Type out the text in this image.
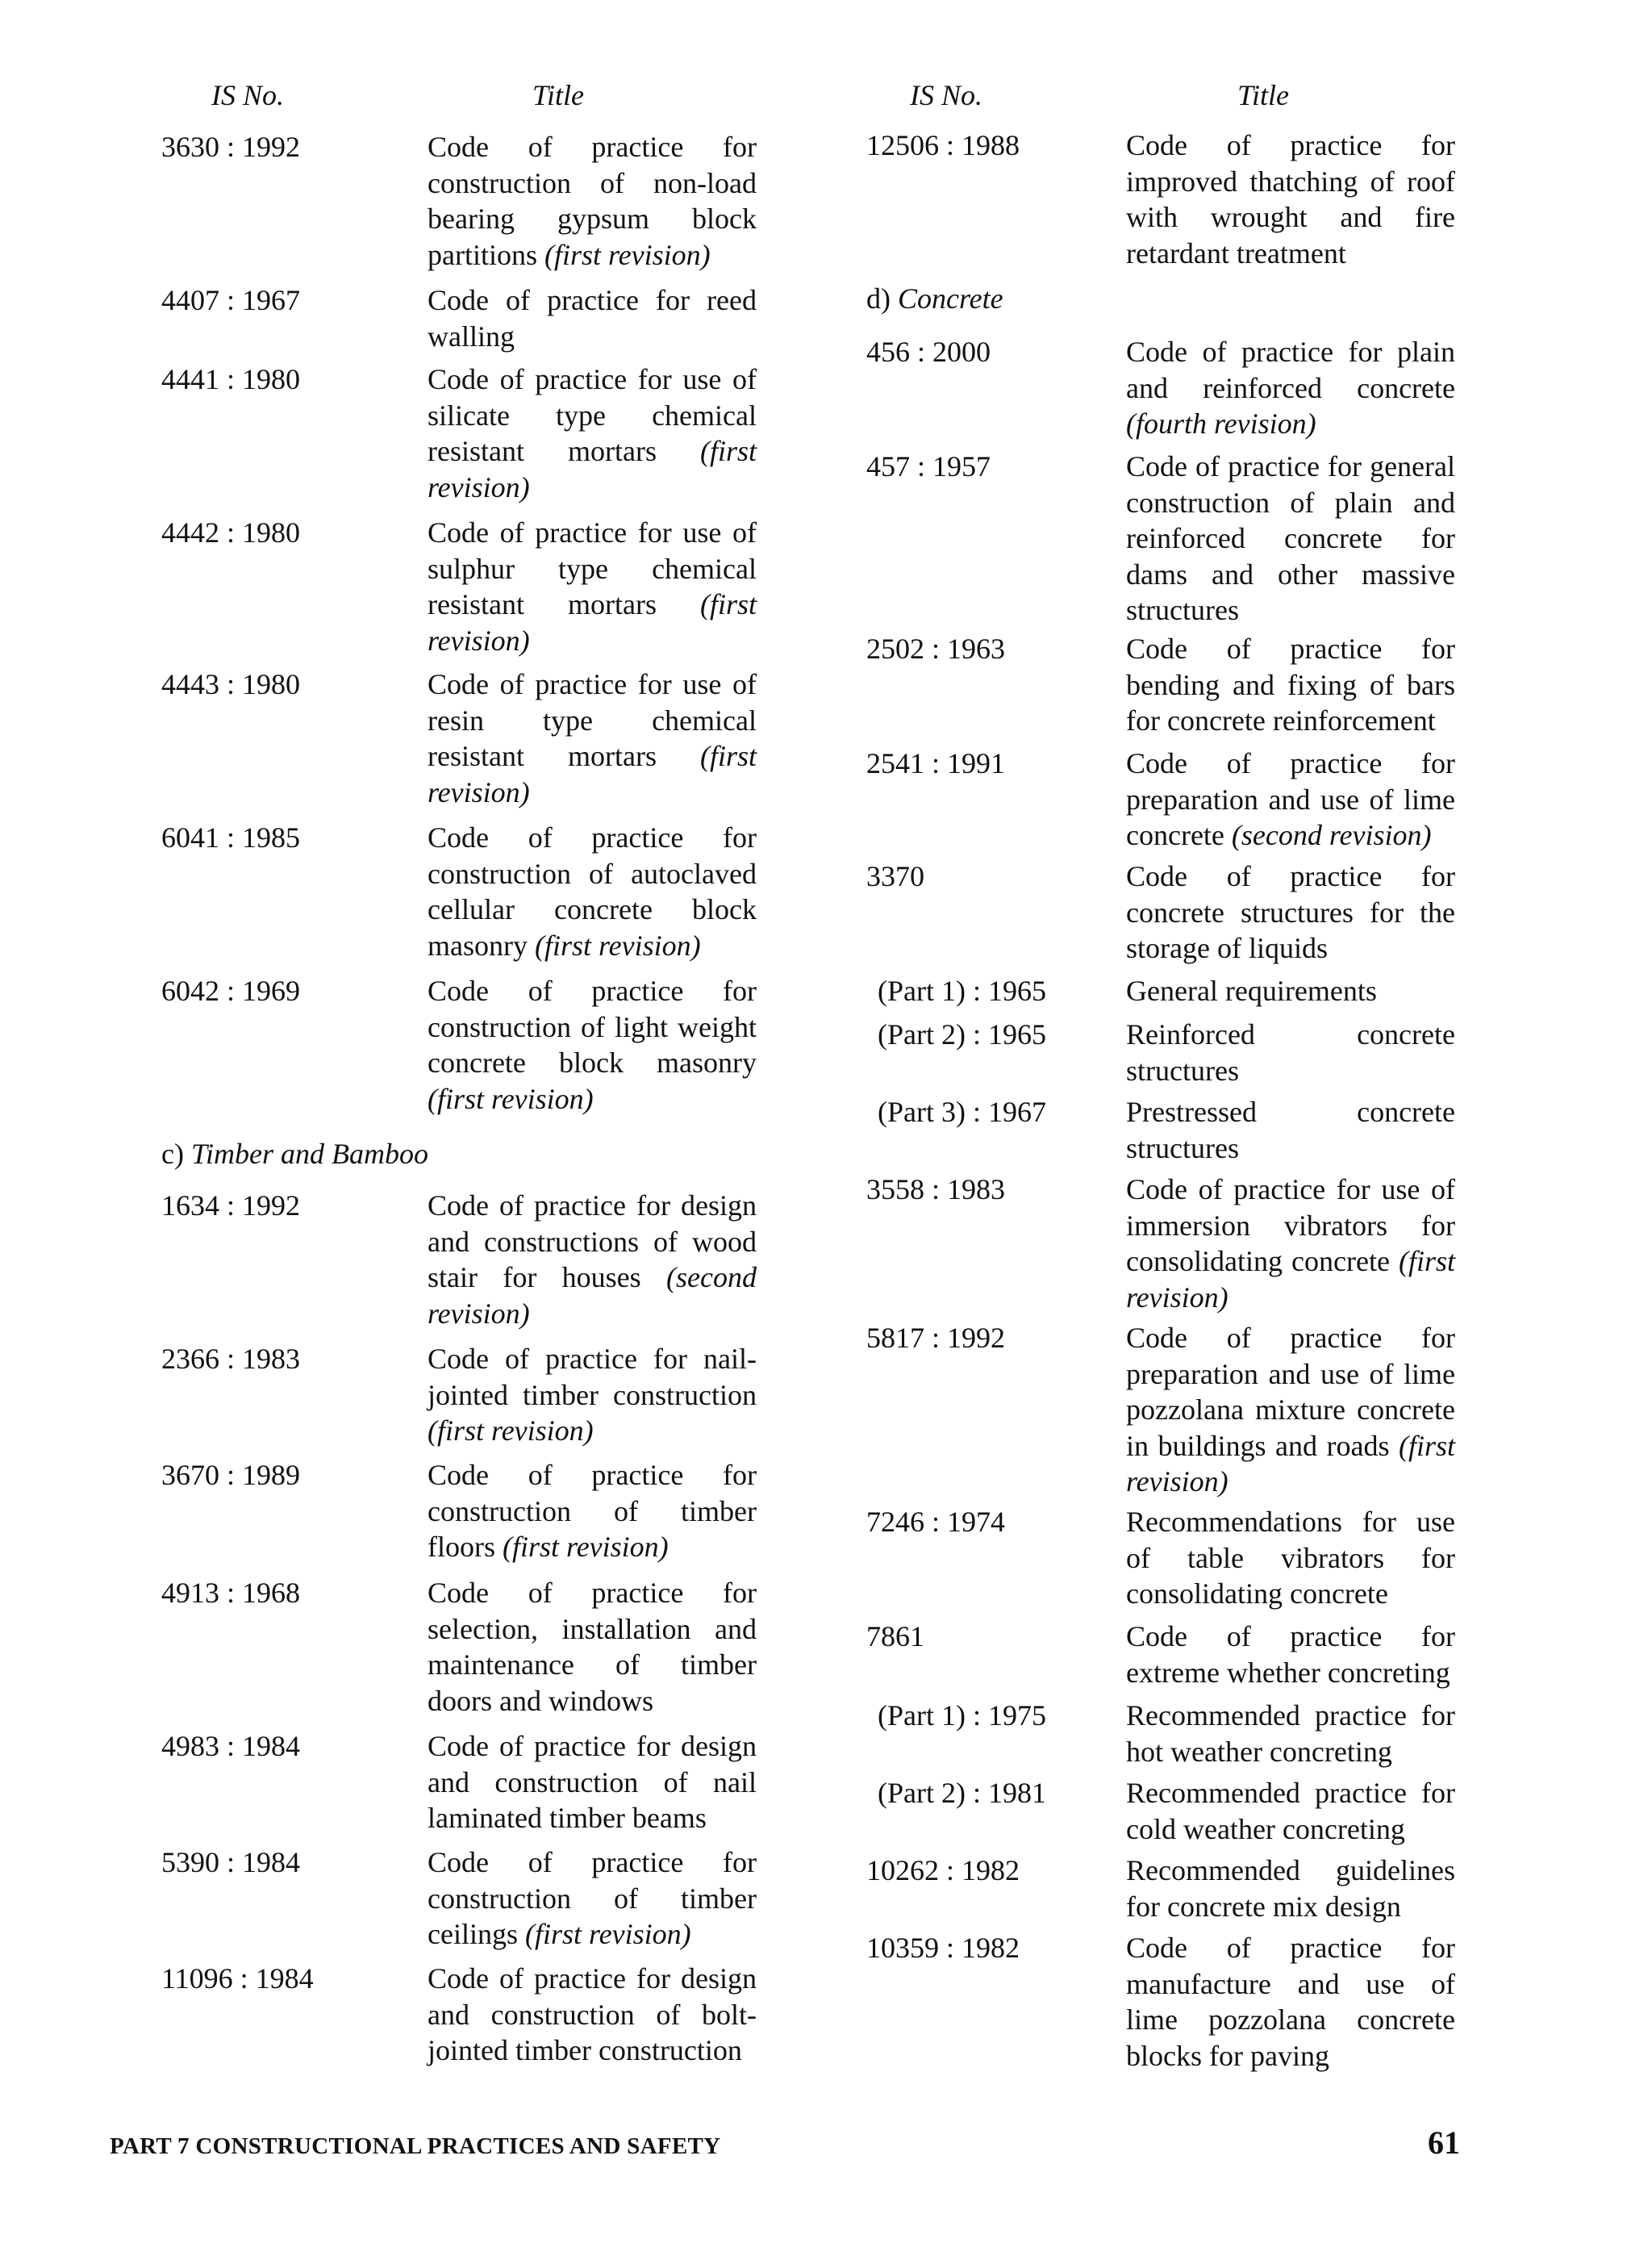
IS No.	Title	IS No.	Title
c) Timber and Bamboo
d) Concrete
3630 : 1992	Code of practice for construction of non-load bearing gypsum block partitions (first revision)
4407 : 1967	Code of practice for reed walling
4441 : 1980	Code of practice for use of silicate type chemical resistant mortars (first revision)
4442 : 1980	Code of practice for use of sulphur type chemical resistant mortars (first revision)
4443 : 1980	Code of practice for use of resin type chemical resistant mortars (first revision)
6041 : 1985	Code of practice for construction of autoclaved cellular concrete block masonry (first revision)
6042 : 1969	Code of practice for construction of light weight concrete block masonry (first revision)
1634 : 1992	Code of practice for design and constructions of wood stair for houses (second revision)
2366 : 1983	Code of practice for nail-jointed timber construction (first revision)
3670 : 1989	Code of practice for construction of timber floors (first revision)
4913 : 1968	Code of practice for selection, installation and maintenance of timber doors and windows
4983 : 1984	Code of practice for design and construction of nail laminated timber beams
5390 : 1984	Code of practice for construction of timber ceilings (first revision)
11096 : 1984	Code of practice for design and construction of bolt-jointed timber construction
12506 : 1988	Code of practice for improved thatching of roof with wrought and fire retardant treatment
456 : 2000	Code of practice for plain and reinforced concrete (fourth revision)
457 : 1957	Code of practice for general construction of plain and reinforced concrete for dams and other massive structures
2502 : 1963	Code of practice for bending and fixing of bars for concrete reinforcement
2541 : 1991	Code of practice for preparation and use of lime concrete (second revision)
3370	Code of practice for concrete structures for the storage of liquids
(Part 1) : 1965	General requirements
(Part 2) : 1965	Reinforced concrete structures
(Part 3) : 1967	Prestressed concrete structures
3558 : 1983	Code of practice for use of immersion vibrators for consolidating concrete (first revision)
5817 : 1992	Code of practice for preparation and use of lime pozzolana mixture concrete in buildings and roads (first revision)
7246 : 1974	Recommendations for use of table vibrators for consolidating concrete
7861	Code of practice for extreme whether concreting
(Part 1) : 1975	Recommended practice for hot weather concreting
(Part 2) : 1981	Recommended practice for cold weather concreting
10262 : 1982	Recommended guidelines for concrete mix design
10359 : 1982	Code of practice for manufacture and use of lime pozzolana concrete blocks for paving
PART 7 CONSTRUCTIONAL PRACTICES AND SAFETY	61
